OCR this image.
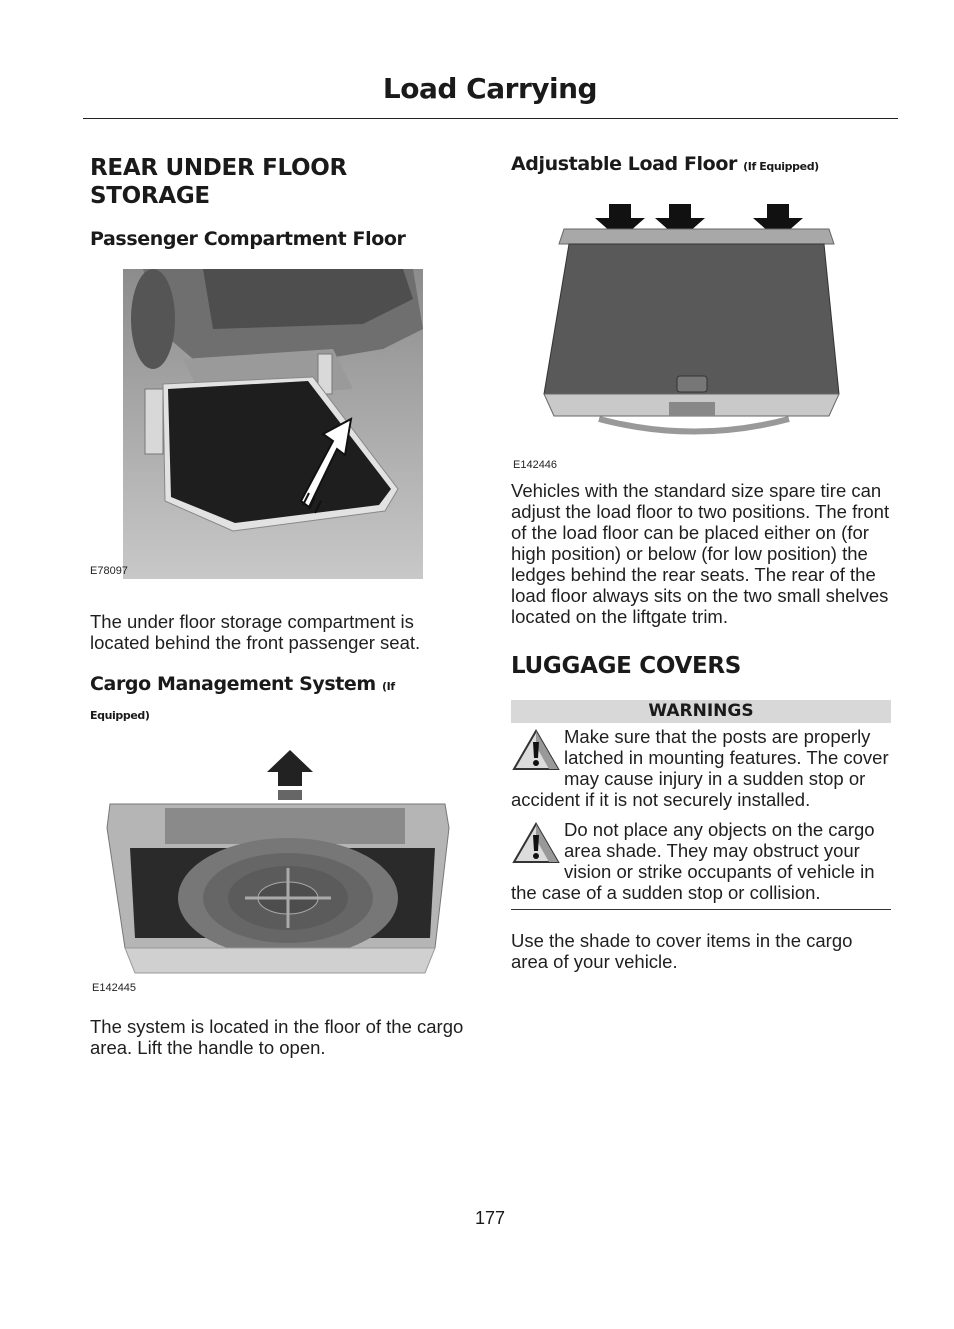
Load Carrying
REAR UNDER FLOOR STORAGE
Passenger Compartment Floor
E78097

The under floor storage compartment is located behind the front passenger seat.

Cargo Management System (If
Equipped)
E142445

The system is located in the floor of the cargo area. Lift the handle to open.

Adjustable Load Floor (If Equipped)
E142446

Vehicles with the standard size spare tire can adjust the load floor to two positions. The front of the load floor can be placed either on (for high position) or below (for low position) the ledges behind the rear seats. The rear of the load floor always sits on the two small shelves located on the liftgate trim.

LUGGAGE COVERS
WARNINGS

Make sure that the posts are properly latched in mounting features. The cover may cause injury in a sudden stop or accident if it is not securely installed.

Do not place any objects on the cargo area shade. They may obstruct your vision or strike occupants of vehicle in the case of a sudden stop or collision.

Use the shade to cover items in the cargo area of your vehicle.

177
